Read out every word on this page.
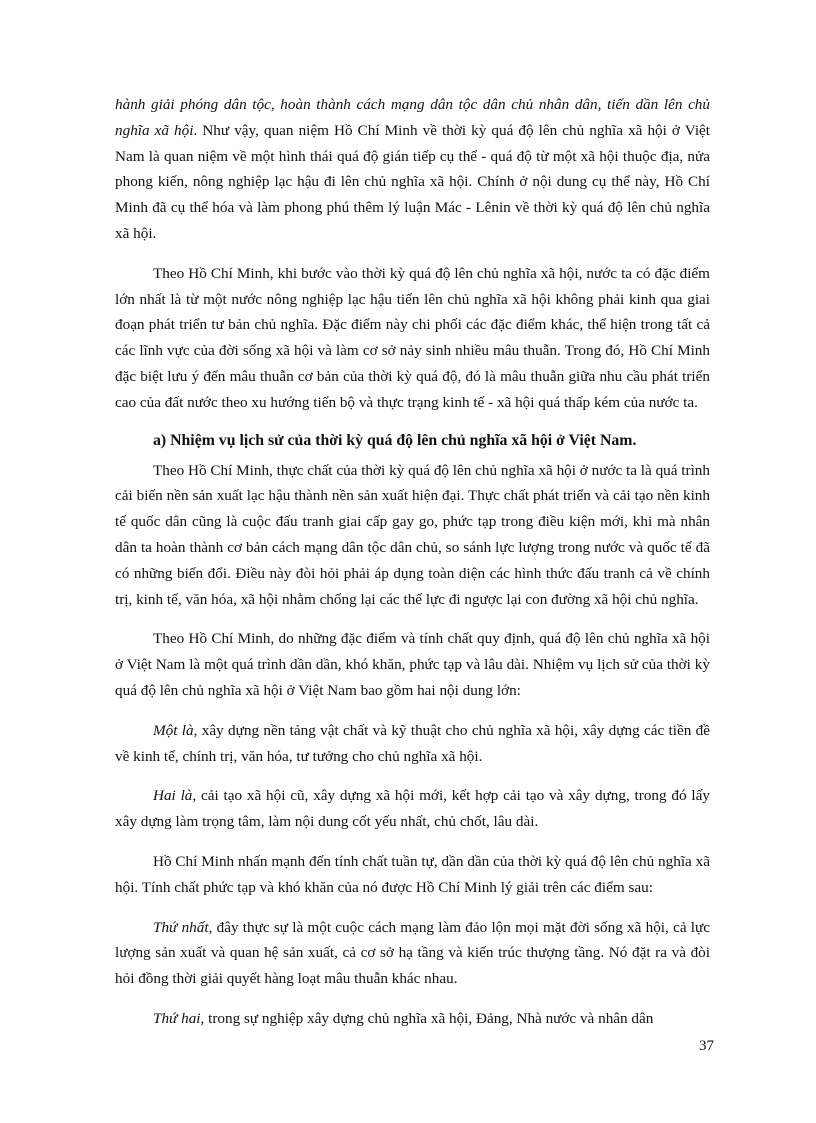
hành giải phóng dân tộc, hoàn thành cách mạng dân tộc dân chủ nhân dân, tiến dần lên chủ nghĩa xã hội. Như vậy, quan niệm Hồ Chí Minh về thời kỳ quá độ lên chủ nghĩa xã hội ở Việt Nam là quan niệm về một hình thái quá độ gián tiếp cụ thể - quá độ từ một xã hội thuộc địa, nửa phong kiến, nông nghiệp lạc hậu đi lên chủ nghĩa xã hội. Chính ở nội dung cụ thể này, Hồ Chí Minh đã cụ thể hóa và làm phong phú thêm lý luận Mác - Lênin về thời kỳ quá độ lên chủ nghĩa xã hội.

Theo Hồ Chí Minh, khi bước vào thời kỳ quá độ lên chủ nghĩa xã hội, nước ta có đặc điểm lớn nhất là từ một nước nông nghiệp lạc hậu tiến lên chủ nghĩa xã hội không phải kinh qua giai đoạn phát triển tư bản chủ nghĩa. Đặc điểm này chi phối các đặc điểm khác, thể hiện trong tất cả các lĩnh vực của đời sống xã hội và làm cơ sở nảy sinh nhiều mâu thuẫn. Trong đó, Hồ Chí Minh đặc biệt lưu ý đến mâu thuẫn cơ bản của thời kỳ quá độ, đó là mâu thuẫn giữa nhu cầu phát triển cao của đất nước theo xu hướng tiến bộ và thực trạng kinh tế - xã hội quá thấp kém của nước ta.

a) Nhiệm vụ lịch sử của thời kỳ quá độ lên chủ nghĩa xã hội ở Việt Nam.

Theo Hồ Chí Minh, thực chất của thời kỳ quá độ lên chủ nghĩa xã hội ở nước ta là quá trình cải biến nền sản xuất lạc hậu thành nền sản xuất hiện đại. Thực chất phát triển và cải tạo nền kinh tế quốc dân cũng là cuộc đấu tranh giai cấp gay go, phức tạp trong điều kiện mới, khi mà nhân dân ta hoàn thành cơ bản cách mạng dân tộc dân chủ, so sánh lực lượng trong nước và quốc tế đã có những biến đổi. Điều này đòi hỏi phải áp dụng toàn diện các hình thức đấu tranh cả về chính trị, kinh tế, văn hóa, xã hội nhằm chống lại các thế lực đi ngược lại con đường xã hội chủ nghĩa.

Theo Hồ Chí Minh, do những đặc điểm và tính chất quy định, quá độ lên chủ nghĩa xã hội ở Việt Nam là một quá trình dần dần, khó khăn, phức tạp và lâu dài. Nhiệm vụ lịch sử của thời kỳ quá độ lên chủ nghĩa xã hội ở Việt Nam bao gồm hai nội dung lớn:

Một là, xây dựng nền tảng vật chất và kỹ thuật cho chủ nghĩa xã hội, xây dựng các tiền đề về kinh tế, chính trị, văn hóa, tư tưởng cho chủ nghĩa xã hội.

Hai là, cải tạo xã hội cũ, xây dựng xã hội mới, kết hợp cải tạo và xây dựng, trong đó lấy xây dựng làm trọng tâm, làm nội dung cốt yếu nhất, chủ chốt, lâu dài.

Hồ Chí Minh nhấn mạnh đến tính chất tuần tự, dần dần của thời kỳ quá độ lên chủ nghĩa xã hội. Tính chất phức tạp và khó khăn của nó được Hồ Chí Minh lý giải trên các điểm sau:

Thứ nhất, đây thực sự là một cuộc cách mạng làm đảo lộn mọi mặt đời sống xã hội, cả lực lượng sản xuất và quan hệ sản xuất, cả cơ sở hạ tầng và kiến trúc thượng tầng. Nó đặt ra và đòi hỏi đồng thời giải quyết hàng loạt mâu thuẫn khác nhau.

Thứ hai, trong sự nghiệp xây dựng chủ nghĩa xã hội, Đảng, Nhà nước và nhân dân

37
